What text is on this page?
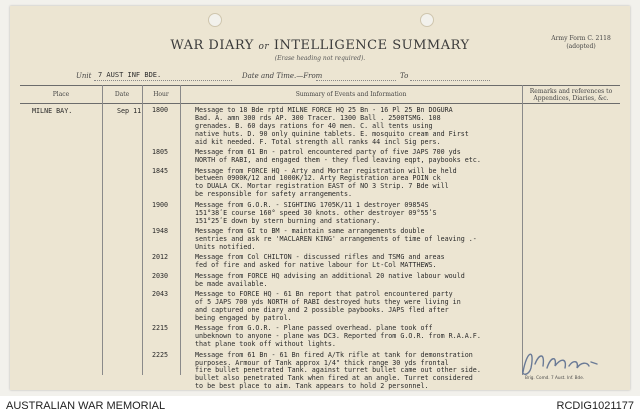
Army Form C. 2118
(adopted)
WAR DIARY or INTELLIGENCE SUMMARY
(Erase heading not required).
Unit 7 AUST INF BDE.	Date and Time.—From	To
Place	Date	Hour	Summary of Events and Information	Remarks and references to Appendices, Diaries, &c.
MILNE BAY.	Sep 11	1800	Message to 18 Bde rptd MILNE FORCE HQ 25 Bn - 16 Pl 25 Bn DOGURA
Bad. A. amn 300 rds AP. 300 Tracer. 1300 Ball . 2500TSMG. 108
grenades. B. 60 days rations for 40 men. C. all tents using
native huts. D. 90 only quinine tablets. E. mosquito cream and First
aid kit needed. F. Total strength all ranks 44 incl Sig pers.
1805	Message from 61 Bn - patrol encountered party of five JAPS 700 yds
NORTH of RABI, and engaged them - they fled leaving eqpt, paybooks etc.
1845	Message from FORCE HQ - Arty and Mortar registration will be held
between 0900K/12 and 1000K/12. Arty Registration area POIN ck
to DUALA CK. Mortar registration EAST of NO 3 Strip. 7 Bde will
be responsible for safety arrangements.
1900	Message from G.O.R. - SIGHTING 1705K/11 1 destroyer 09854S
151°38ʹE course 160° speed 30 knots. other destroyer 09°55ʹS
151°25ʹE down by stern burning and stationary.
1948	Message from GI to BM - maintain same arrangements double
sentries and ask re 'MACLAREN KING' arrangements of time of leaving .-
Units notified.
2012	Message from Col CHILTON - discussed rifles and TSMG and areas
fed of fire and asked for native labour for Lt-Col MATTHEWS.
2030	Message from FORCE HQ advising an additional 20 native labour would
be made available.
2043	Message to FORCE HQ - 61 Bn report that patrol encountered party
of 5 JAPS 700 yds NORTH of RABI destroyed huts they were living in
and captured one diary and 2 possible paybooks. JAPS fled after
being engaged by patrol.
2215	Message from G.O.R. - Plane passed overhead. plane took off
unbeknown to anyone - plane was DC3. Reported from G.O.R. from R.A.A.F.
that plane took off without lights.
2225	Message from 61 Bn - 61 Bn fired A/Tk rifle at tank for demonstration
purposes. Armour of Tank approx 1/4" thick range 30 yds frontal
fire bullet penetrated Tank. against turret bullet came out other side.
bullet also penetrated Tank when fired at an angle. Turret considered
to be best place to aim. Tank appears to hold 2 personnel.
Brig. Comd. 7 Aust. Inf. Bde.
AUSTRALIAN WAR MEMORIAL	RCDIG1021177
